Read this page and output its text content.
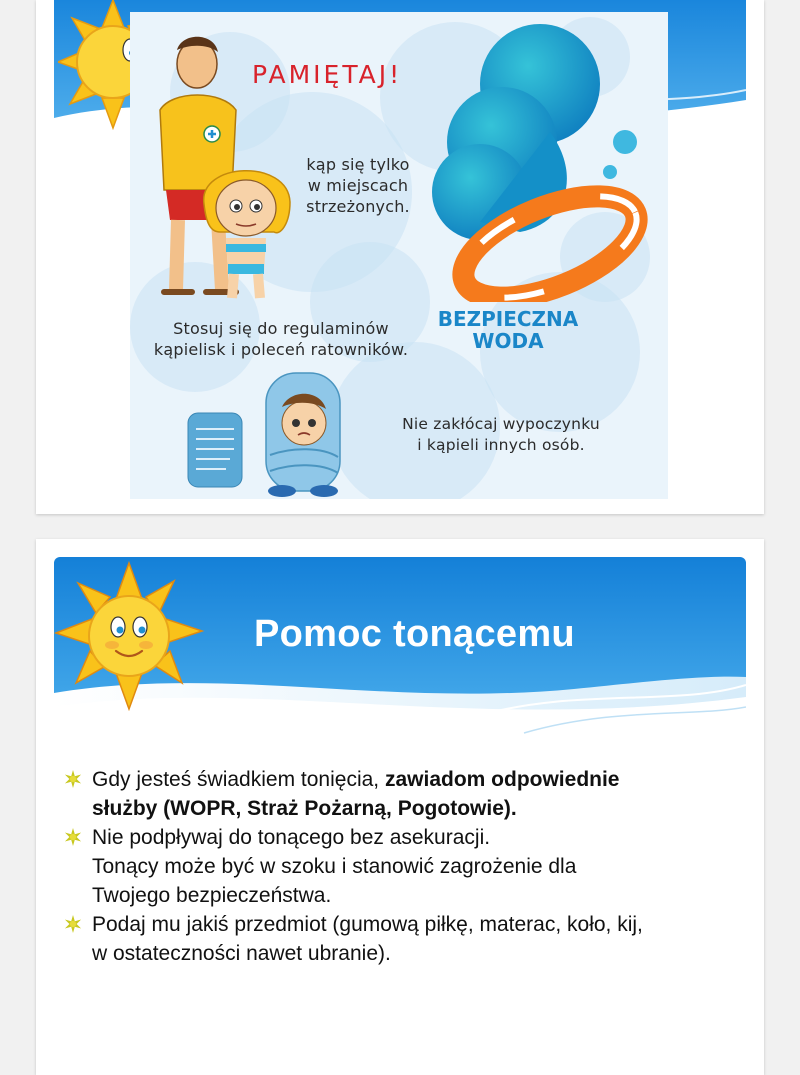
PAMIĘTAJ!
kąp się tylko
w miejscach
strzeżonych.
Stosuj się do regulaminów
kąpielisk i poleceń ratowników.
Nie zakłócaj wypoczynku
i kąpieli innych osób.
BEZPIECZNA
WODA
Pomoc tonącemu
Gdy jesteś świadkiem tonięcia, zawiadom odpowiednie
służby (WOPR, Straż Pożarną, Pogotowie).
Nie podpływaj do tonącego bez asekuracji.
Tonący może być w szoku i stanowić zagrożenie dla
Twojego bezpieczeństwa.
Podaj mu jakiś przedmiot (gumową piłkę, materac, koło, kij,
w ostateczności nawet ubranie).
